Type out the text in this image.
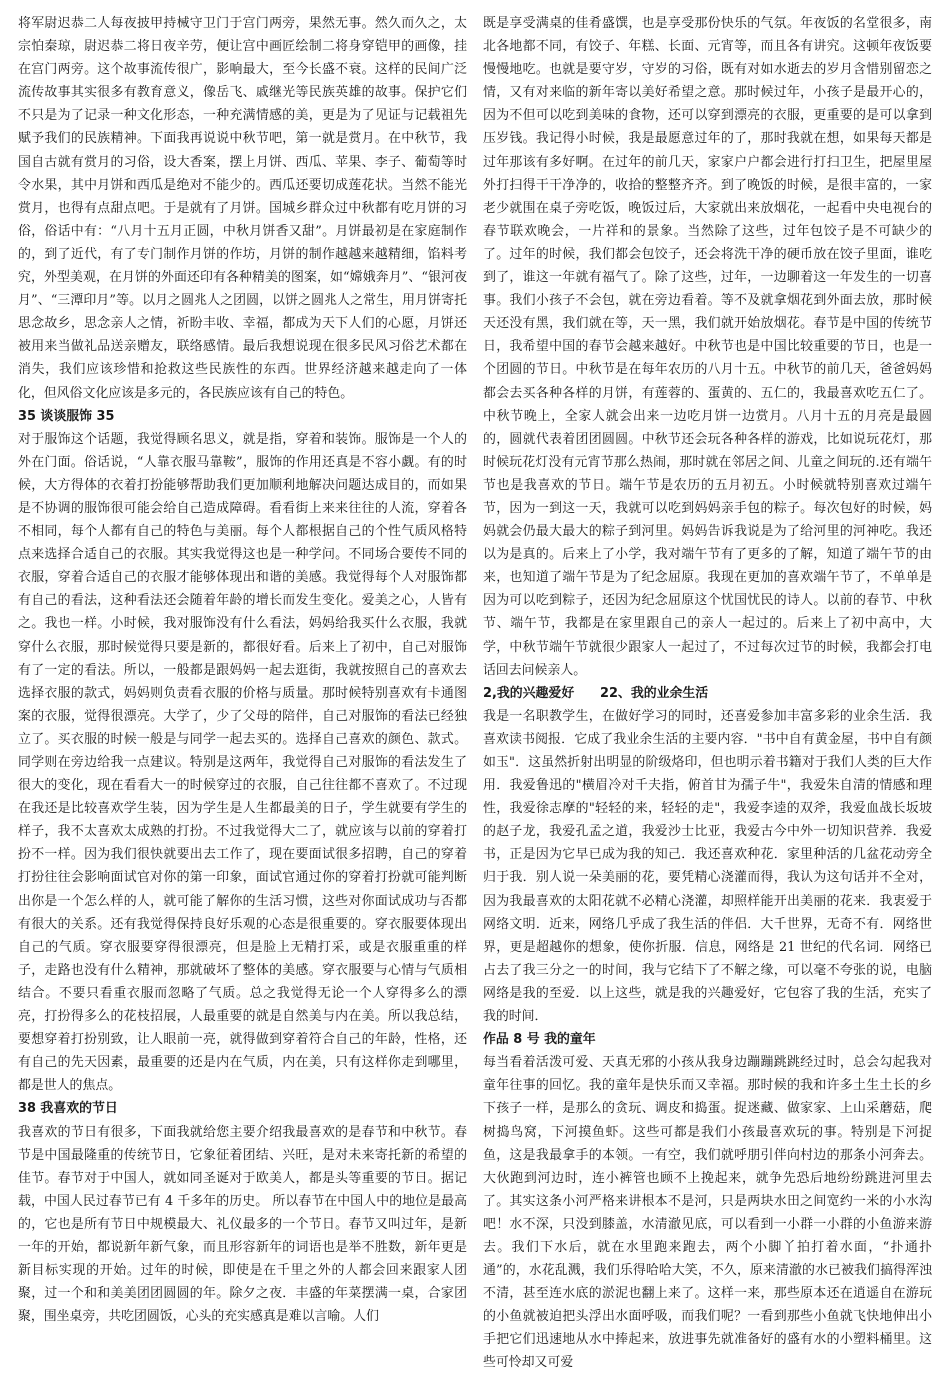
将军尉迟恭二人每夜披甲持械守卫门于宫门两旁，果然无事。然久而久之，太宗怕秦琼，尉迟恭二将日夜辛劳，便让宫中画匠绘制二将身穿铠甲的画像，挂在宫门两旁。这个故事流传很广，影响最大，至今长盛不衰。这样的民间广泛流传故事其实很多有教育意义，像岳飞、戚继光等民族英雄的故事。保护它们不只是为了记录一种文化形态，一种充满情感的美，更是为了见证与记载祖先赋予我们的民族精神。下面我再说说中秋节吧，第一就是赏月。在中秋节，我国自古就有赏月的习俗，设大香案，摆上月饼、西瓜、苹果、李子、葡萄等时令水果，其中月饼和西瓜是绝对不能少的。西瓜还要切成莲花状。当然不能光赏月，也得有点甜点吧。于是就有了月饼。国城乡群众过中秋都有吃月饼的习俗，俗话中有：“八月十五月正圆，中秋月饼香又甜”。月饼最初是在家庭制作的，到了近代，有了专门制作月饼的作坊，月饼的制作越越来越精细，馅料考究，外型美观，在月饼的外面还印有各种精美的图案，如“嫦娥奔月”、“银河夜月”、“三潭印月”等。以月之圆兆人之团圆，以饼之圆兆人之常生，用月饼寄托思念故乡，思念亲人之情，祈盼丰收、幸福，都成为天下人们的心愿，月饼还被用来当做礼品送亲赠友，联络感情。最后我想说现在很多民风习俗艺术都在消失，我们应该珍惜和抢救这些民族性的东西。世界经济越来越走向了一体化，但风俗文化应该是多元的，各民族应该有自己的特色。

35 谈谈服饰 35

对于服饰这个话题，我觉得顾名思义，就是指，穿着和装饰。服饰是一个人的外在门面。俗话说，“人靠衣服马靠鞍”，服饰的作用还真是不容小觑。有的时候，大方得体的衣着打扮能够帮助我们更加顺利地解决问题达成目的，而如果是不协调的服饰很可能会给自己造成障碍。看看街上来来往往的人流，穿着各不相同，每个人都有自己的特色与美丽。每个人都根据自己的个性气质风格特点来选择合适自己的衣服。其实我觉得这也是一种学问。不同场合要传不同的衣服，穿着合适自己的衣服才能够体现出和谐的美感。我觉得每个人对服饰都有自己的看法，这种看法还会随着年龄的增长而发生变化。爱美之心，人皆有之。我也一样。小时候，我对服饰没有什么看法，妈妈给我买什么衣服，我就穿什么衣服，那时候觉得只要是新的，都很好看。后来上了初中，自己对服饰有了一定的看法。所以，一般都是跟妈妈一起去逛街，我就按照自己的喜欢去选择衣服的款式，妈妈则负责看衣服的价格与质量。那时候特别喜欢有卡通图案的衣服，觉得很漂亮。大学了，少了父母的陪伴，自己对服饰的看法已经独立了。买衣服的时候一般是与同学一起去买的。选择自己喜欢的颜色、款式。同学则在旁边给我一点建议。特别是这两年，我觉得自己对服饰的看法发生了很大的变化，现在看看大一的时候穿过的衣服，自己往往都不喜欢了。不过现在我还是比较喜欢学生装，因为学生是人生都最美的日子，学生就要有学生的样子，我不太喜欢太成熟的打扮。不过我觉得大二了，就应该与以前的穿着打扮不一样。因为我们很快就要出去工作了，现在要面试很多招聘，自己的穿着打扮往往会影响面试官对你的第一印象，面试官通过你的穿着打扮就可能判断出你是一个怎么样的人，就可能了解你的生活习惯，这些对你面试成功与否都有很大的关系。还有我觉得保持良好乐观的心态是很重要的。穿衣服要体现出自己的气质。穿衣服要穿得很漂亮，但是脸上无精打采，或是衣服重重的样子，走路也没有什么精神，那就破坏了整体的美感。穿衣服要与心情与气质相结合。不要只看重衣服而忽略了气质。总之我觉得无论一个人穿得多么的漂亮，打扮得多么的花枝招展，人最重要的就是自然美与内在美。所以我总结，要想穿着打扮别致，让人眼前一亮，就得做到穿着符合自己的年龄，性格，还有自己的先天因素，最重要的还是内在气质，内在美，只有这样你走到哪里，都是世人的焦点。

38 我喜欢的节日

我喜欢的节日有很多，下面我就给您主要介绍我最喜欢的是春节和中秋节。春节是中国最隆重的传统节日，它象征着团结、兴旺，是对未来寄托新的希望的佳节。春节对于中国人，就如同圣诞对于欧美人，都是头等重要的节日。据记载，中国人民过春节已有 4 千多年的历史。 所以春节在中国人中的地位是最高的，它也是所有节日中规模最大、礼仪最多的一个节日。春节又叫过年，是新一年的开始，都说新年新气象，而且形容新年的词语也是举不胜数，新年更是新目标实现的开始。过年的时候，即使是在千里之外的人都会回来跟家人团聚，过一个和和美美团团圆圆的年。除夕之夜．丰盛的年菜摆满一桌，合家团聚，围坐桌旁，共吃团圆饭，心头的充实感真是难以言喻。人们

既是享受满桌的佳肴盛馔，也是享受那份快乐的气氛。年夜饭的名堂很多，南北各地都不同，有饺子、年糕、长面、元宵等，而且各有讲究。这顿年夜饭要慢慢地吃。也就是要守岁，守岁的习俗，既有对如水逝去的岁月含惜别留恋之情，又有对来临的新年寄以美好希望之意。那时候过年，小孩子是最开心的，因为不但可以吃到美味的食物，还可以穿到漂亮的衣服，更重要的是可以拿到压岁钱。我记得小时候，我是最愿意过年的了，那时我就在想，如果每天都是过年那该有多好啊。在过年的前几天，家家户户都会进行打扫卫生，把屋里屋外打扫得干干净净的，收拾的整整齐齐。到了晚饭的时候，是很丰富的，一家老少就围在桌子旁吃饭，晚饭过后，大家就出来放烟花，一起看中央电视台的春节联欢晚会，一片祥和的景象。当然除了这些，过年包饺子是不可缺少的了。过年的时候，我们都会包饺子，还会将洗干净的硬币放在饺子里面，谁吃到了，谁这一年就有福气了。除了这些，过年，一边聊着这一年发生的一切喜事。我们小孩子不会包，就在旁边看着。等不及就拿烟花到外面去放，那时候天还没有黑，我们就在等，天一黑，我们就开始放烟花。春节是中国的传统节日，我希望中国的春节会越来越好。中秋节也是中国比较重要的节日，也是一个团圆的节日。中秋节是在每年农历的八月十五。中秋节的前几天，爸爸妈妈都会去买各种各样的月饼，有莲蓉的、蛋黄的、五仁的，我最喜欢吃五仁了。中秋节晚上，全家人就会出来一边吃月饼一边赏月。八月十五的月亮是最圆的，圆就代表着团团圆圆。中秋节还会玩各种各样的游戏，比如说玩花灯，那时候玩花灯没有元宵节那么热闹，那时就在邻居之间、儿童之间玩的.还有端午节也是我喜欢的节日。端午节是农历的五月初五。小时候就特别喜欢过端午节，因为一到这一天，我就可以吃到妈妈亲手包的粽子。每次包好的时候，妈妈就会仍最大最大的粽子到河里。妈妈告诉我说是为了给河里的河神吃。我还以为是真的。后来上了小学，我对端午节有了更多的了解，知道了端午节的由来，也知道了端午节是为了纪念屈原。我现在更加的喜欢端午节了，不单单是因为可以吃到粽子，还因为纪念屈原这个忧国忧民的诗人。以前的春节、中秋节、端午节，我都是在家里跟自己的亲人一起过的。后来上了初中高中，大学，中秋节端午节就很少跟家人一起过了，不过每次过节的时候，我都会打电话回去问候亲人。

2,我的兴趣爱好　　22、我的业余生活

我是一名职教学生，在做好学习的同时，还喜爱参加丰富多彩的业余生活．我喜欢读书阅报．它成了我业余生活的主要内容．"书中自有黄金屋，书中自有颜如玉"．这虽然折射出明显的阶级烙印，但也明示着书籍对于我们人类的巨大作用．我爱鲁迅的"横眉冷对千夫指，俯首甘为孺子牛"，我爱朱自清的情感和理性，我爱徐志摩的"轻轻的来，轻轻的走"，我爱李逵的双斧，我爱血战长坂坡的赵子龙，我爱孔孟之道，我爱沙士比亚，我爱古今中外一切知识营养．我爱书，正是因为它早已成为我的知己．我还喜欢种花．家里种活的几盆花动旁全归于我．别人说一朵美丽的花，要凭精心浇灌而得，我认为这句话并不全对，因为我最喜欢的太阳花就不必精心浇灌，却照样能开出美丽的花来．我衷爱于网络文明．近来，网络几乎成了我生活的伴侣．大千世界，无奇不有．网络世界，更是超越你的想象，使你折服．信息，网络是 21 世纪的代名词．网络已占去了我三分之一的时间，我与它结下了不解之缘，可以毫不夸张的说，电脑网络是我的至爱．以上这些，就是我的兴趣爱好，它包容了我的生活，充实了我的时间．

作品 8 号 我的童年

每当看着活泼可爱、天真无邪的小孩从我身边蹦蹦跳跳经过时，总会勾起我对童年往事的回忆。我的童年是快乐而又幸福。那时候的我和许多土生土长的乡下孩子一样，是那么的贪玩、调皮和捣蛋。捉迷藏、做家家、上山采蘑菇，爬树捣鸟窝，下河摸鱼虾。这些可都是我们小孩最喜欢玩的事。特别是下河捉鱼，这是我最拿手的本领。一有空，我们就呼朋引伴向村边的那条小河奔去。大伙跑到河边时，连小裤管也顾不上挽起来，就争先恐后地纷纷跳进河里去了。其实这条小河严格来讲根本不是河，只是两块水田之间宽约一米的小水沟吧！水不深，只没到膝盖，水清澈见底，可以看到一小群一小群的小鱼游来游去。我们下水后，就在水里跑来跑去，两个小脚丫拍打着水面，“扑通扑通”的，水花乱溅，我们乐得哈哈大笑，不久，原来清澈的水已被我们搞得浑浊不清，甚至连水底的淤泥也翻上来了。这样一来，那些原本还在逍遥自在游玩的小鱼就被迫把头浮出水面呼吸，而我们呢？一看到那些小鱼就飞快地伸出小手把它们迅速地从水中捧起来，放进事先就准备好的盛有水的小塑料桶里。这些可怜却又可爱
